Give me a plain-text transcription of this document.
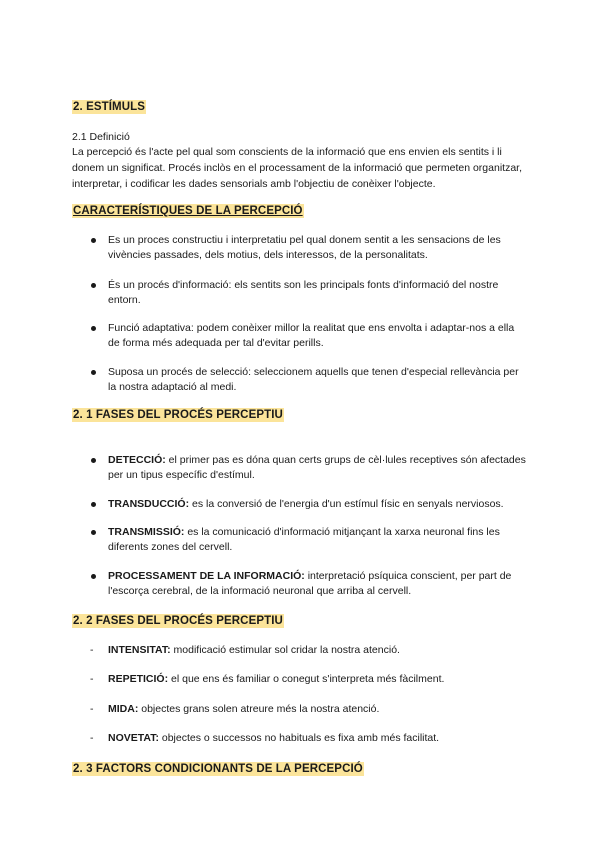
2. ESTÍMULS

2.1 Definició

La percepció és l'acte pel qual som conscients de la informació que ens envien els sentits i li donem un significat. Procés inclòs en el processament de la informació que permeten organitzar, interpretar, i codificar les dades sensorials amb l'objectiu de conèixer l'objecte.

CARACTERÍSTIQUES DE LA PERCEPCIÓ
Es un proces constructiu i interpretatiu pel qual donem sentit a les sensacions de les vivències passades, dels motius, dels interessos, de la personalitats.
És un procés d'informació: els sentits son les principals fonts d'informació del nostre entorn.
Funció adaptativa: podem conèixer millor la realitat que ens envolta i adaptar-nos a ella de forma més adequada per tal d'evitar perills.
Suposa un procés de selecció: seleccionem aquells que tenen d'especial rellevància per la nostra adaptació al medi.
2. 1 FASES DEL PROCÉS PERCEPTIU
DETECCIÓ: el primer pas es dóna quan certs grups de cèl·lules receptives són afectades per un tipus específic d'estímul.
TRANSDUCCIÓ: es la conversió de l'energia d'un estímul físic en senyals nerviosos.
TRANSMISSIÓ: es la comunicació d'informació mitjançant la xarxa neuronal fins les diferents zones del cervell.
PROCESSAMENT DE LA INFORMACIÓ: interpretació psíquica conscient, per part de l'escorça cerebral, de la informació neuronal que arriba al cervell.
2. 2 FASES DEL PROCÉS PERCEPTIU
- INTENSITAT: modificació estimular sol cridar la nostra atenció.
- REPETICIÓ: el que ens és familiar o conegut s'interpreta més fàcilment.
- MIDA: objectes grans solen atreure més la nostra atenció.
- NOVETAT: objectes o successos no habituals es fixa amb més facilitat.
2. 3 FACTORS CONDICIONANTS DE LA PERCEPCIÓ
